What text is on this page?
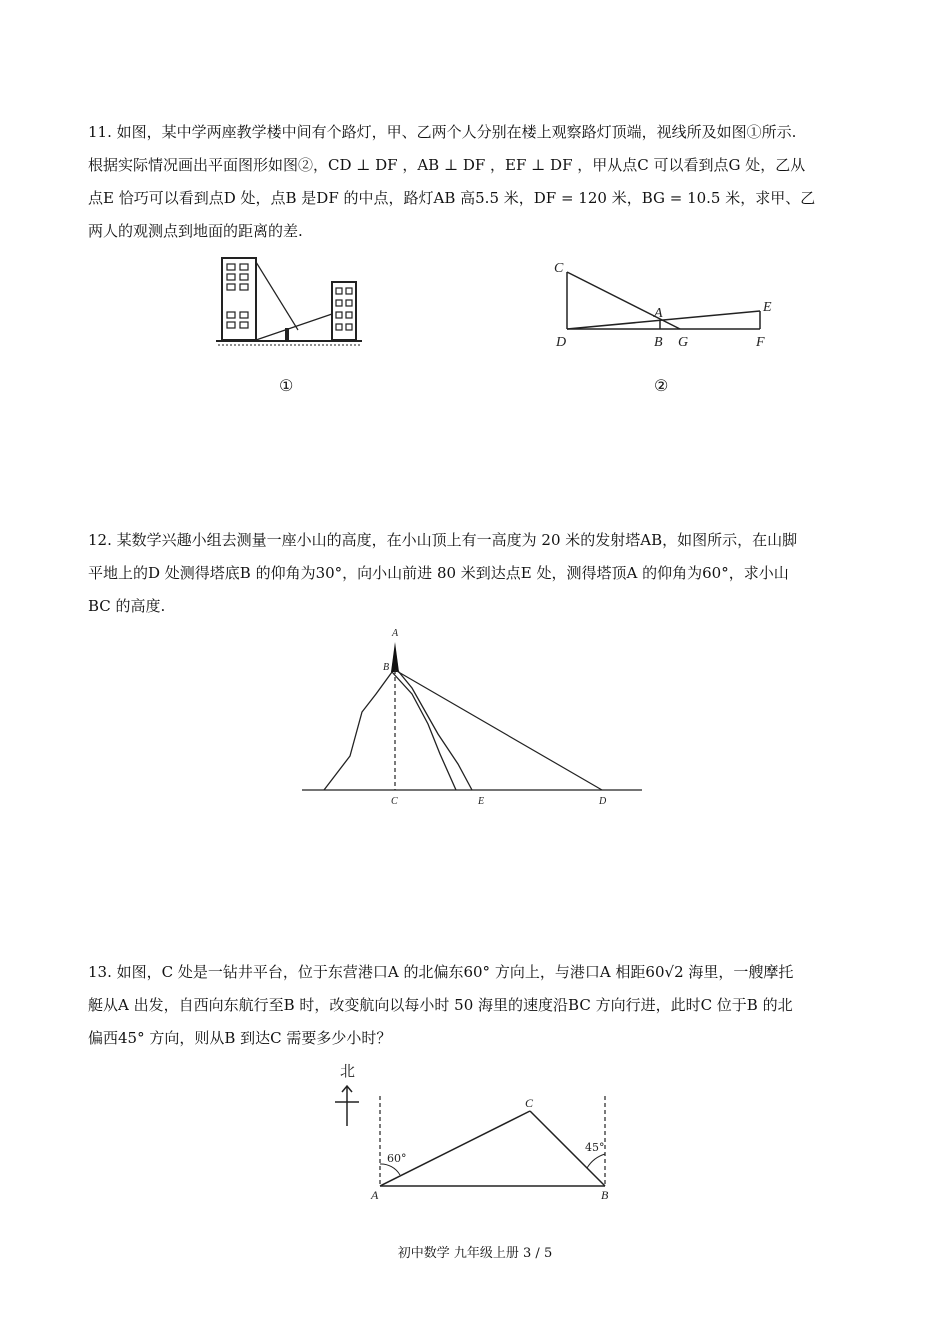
11. 如图，某中学两座教学楼中间有个路灯，甲、乙两个人分别在楼上观察路灯顶端，视线所及如图①所示.
根据实际情况画出平面图形如图②，CD ⊥ DF ，AB ⊥ DF ，EF ⊥ DF ，甲从点C 可以看到点G 处，乙从
点E 恰巧可以看到点D 处，点B 是DF 的中点，路灯AB 高5.5 米，DF = 120 米，BG = 10.5 米，求甲、乙
两人的观测点到地面的距离的差.
①
C
A	E
D	B G	F
②
12. 某数学兴趣小组去测量一座小山的高度，在小山顶上有一高度为 20 米的发射塔AB，如图所示，在山脚
平地上的D 处测得塔底B 的仰角为30°，向小山前进 80 米到达点E 处，测得塔顶A 的仰角为60°，求小山
BC 的高度.
A
B
C	E	D
13. 如图，C 处是一钻井平台，位于东营港口A 的北偏东60° 方向上，与港口A 相距60√2 海里，一艘摩托
艇从A 出发，自西向东航行至B 时，改变航向以每小时 50 海里的速度沿BC 方向行进，此时C 位于B 的北
偏西45° 方向，则从B 到达C 需要多少小时？
北
60°
45°
C
A	B
初中数学 九年级上册 3 / 5
